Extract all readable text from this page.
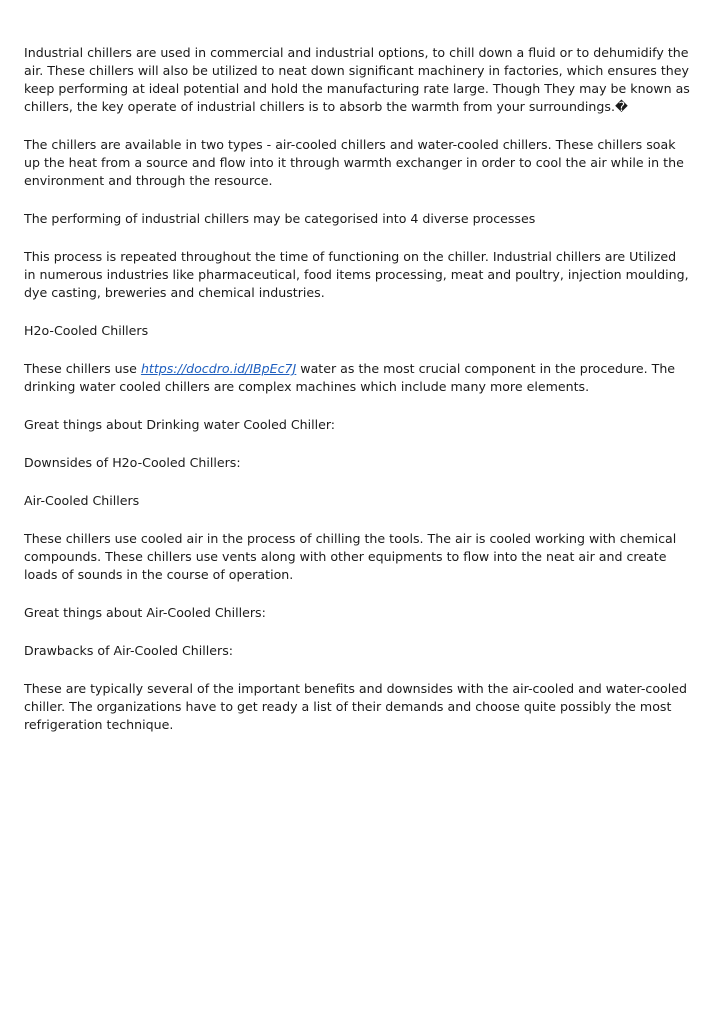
Industrial chillers are used in commercial and industrial options, to chill down a fluid or to dehumidify the air. These chillers will also be utilized to neat down significant machinery in factories, which ensures they keep performing at ideal potential and hold the manufacturing rate large. Though They may be known as chillers, the key operate of industrial chillers is to absorb the warmth from your surroundings.�

The chillers are available in two types - air-cooled chillers and water-cooled chillers. These chillers soak up the heat from a source and flow into it through warmth exchanger in order to cool the air while in the environment and through the resource.

The performing of industrial chillers may be categorised into 4 diverse processes

This process is repeated throughout the time of functioning on the chiller. Industrial chillers are Utilized in numerous industries like pharmaceutical, food items processing, meat and poultry, injection moulding, dye casting, breweries and chemical industries.

H2o-Cooled Chillers

These chillers use https://docdro.id/IBpEc7J water as the most crucial component in the procedure. The drinking water cooled chillers are complex machines which include many more elements.

Great things about Drinking water Cooled Chiller:

Downsides of H2o-Cooled Chillers:

Air-Cooled Chillers

These chillers use cooled air in the process of chilling the tools. The air is cooled working with chemical compounds. These chillers use vents along with other equipments to flow into the neat air and create loads of sounds in the course of operation.

Great things about Air-Cooled Chillers:

Drawbacks of Air-Cooled Chillers:

These are typically several of the important benefits and downsides with the air-cooled and water-cooled chiller. The organizations have to get ready a list of their demands and choose quite possibly the most refrigeration technique.
